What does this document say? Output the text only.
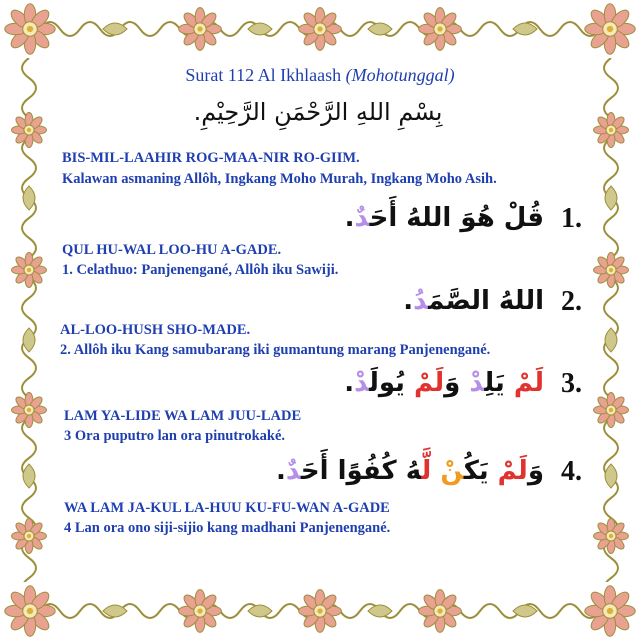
Surat 112 Al Ikhlaash (Mohotunggal)
بِسْمِ اللهِ الرَّحْمَنِ الرَّحِيْمِ.
BIS-MIL-LAAHIR ROG-MAA-NIR RO-GIIM.
Kalawan asmaning Allôh, Ingkang Moho Murah, Ingkang Moho Asih.
1.
قُلْ هُوَ اللهُ أَحَدٌ.
QUL HU-WAL LOO-HU A-GADE.
1. Celathuo: Panjenengané, Allôh iku Sawiji.
2.
اللهُ الصَّمَدُ.
AL-LOO-HUSH SHO-MADE.
2. Allôh iku Kang samubarang iki gumantung marang Panjenengané.
3.
لَمْ يَلِدْ وَلَمْ يُولَدْ.
LAM YA-LIDE WA LAM JUU-LADE
3 Ora puputro lan ora pinutrokaké.
4.
وَلَمْ يَكُنْ لَّهُ كُفُوًا أَحَدٌ.
WA LAM JA-KUL LA-HUU KU-FU-WAN A-GADE
4 Lan ora ono siji-sijio kang madhani Panjenengané.
